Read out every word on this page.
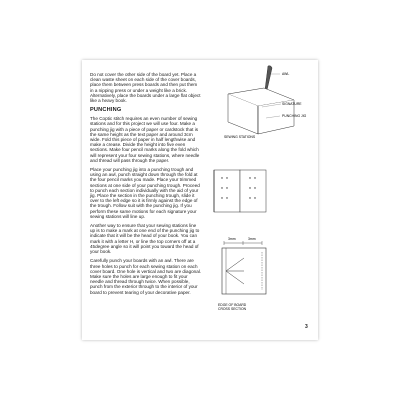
Do not cover the other side of the board yet. Place a clean waste sheet on each side of the cover boards, place them between press boards and then put them in a nipping press or under a weight like a brick. Alternatively, place the boards under a large flat object like a heavy book.

PUNCHING

The Coptic stitch requires an even number of sewing stations and for this project we will use four. Make a punching jig with a piece of paper or cardstock that is the same height as the text paper and around 3cm wide. Fold this piece of paper in half lengthwise and make a crease. Divide the height into five even sections. Make four pencil marks along the fold which will represent your four sewing stations, where needle and thread will pass through the paper.

Place your punching jig into a punching trough and using an awl, punch straight down through the fold at the four pencil marks you made. Place your trimmed sections at one side of your punching trough. Proceed to punch each section individually with the aid of your jig. Place the section in the punching trough, slide it over to the left edge so it is firmly against the edge of the trough. Follow suit with the punching jig. If you perform these same motions for each signature your sewing stations will line up.

Another way to ensure that your sewing stations line up is to make a mark at one end of the punching jig to indicate that it will be the head of your book. You can mark it with a letter H, or line the top corners off at a 45degree angle so it will point you toward the head of your book.

Carefully punch your boards with an awl. There are three holes to punch for each sewing station on each cover board. One hole is vertical and two are diagonal. Make sure the holes are large enough to fit your needle and thread through twice. When possible, punch from the exterior through to the interior of your board to prevent tearing of your decorative paper.

AWL
SIGNATURE
PUNCHING JIG
SEWING STATIONS
3mm	3mm
EDGE OF BOARD
CROSS SECTION
3
